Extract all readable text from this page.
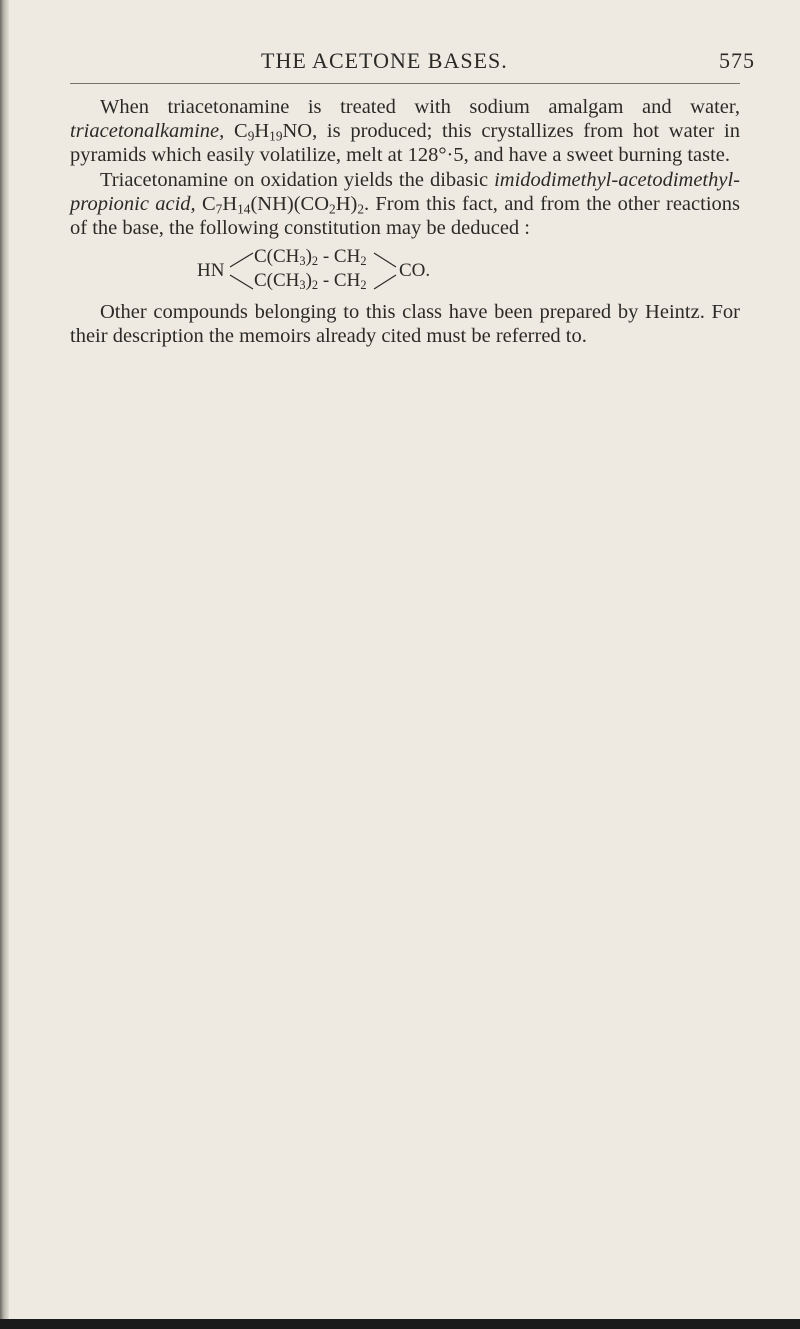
THE ACETONE BASES.	575

When triacetonamine is treated with sodium amalgam and water, triacetonalkamine, $C_9H_{19}NO$, is produced; this crystallizes from hot water in pyramids which easily volatilize, melt at 128°·5, and have a sweet burning taste.

Triacetonamine on oxidation yields the dibasic imidodimethyl-acetodimethyl-propionic acid, $C_7H_{14}(NH)(CO_2H)_2$. From this fact, and from the other reactions of the base, the following constitution may be deduced :

HN
$C(CH_3)_2 - CH_2$
$C(CH_3)_2 - CH_2$
CO.

Other compounds belonging to this class have been prepared by Heintz. For their description the memoirs already cited must be referred to.
